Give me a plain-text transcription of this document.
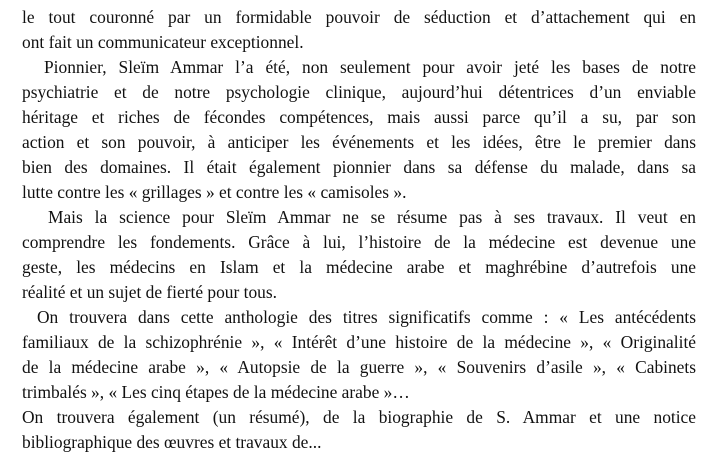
le tout couronné par un formidable pouvoir de séduction et d’attachement qui en
ont fait un communicateur exceptionnel.
Pionnier, Sleïm Ammar l’a été, non seulement pour avoir jeté les bases de notre
psychiatrie et de notre psychologie clinique, aujourd’hui détentrices d’un enviable
héritage et riches de fécondes compétences, mais aussi parce qu’il a su, par son
action et son pouvoir, à anticiper les événements et les idées, être le premier dans
bien des domaines. Il était également pionnier dans sa défense du malade, dans sa
lutte contre les « grillages » et contre les « camisoles ».
Mais la science pour Sleïm Ammar ne se résume pas à ses travaux. Il veut en
comprendre les fondements. Grâce à lui, l’histoire de la médecine est devenue une
geste, les médecins en Islam et la médecine arabe et maghrébine d’autrefois une
réalité et un sujet de fierté pour tous.
On trouvera dans cette anthologie des titres significatifs comme : « Les antécédents
familiaux de la schizophrénie », « Intérêt d’une histoire de la médecine », « Originalité
de la médecine arabe », « Autopsie de la guerre », « Souvenirs d’asile », « Cabinets
trimbalés », « Les cinq étapes de la médecine arabe »…
On trouvera également (un résumé), de la biographie de S. Ammar et une notice
bibliographique des œuvres et travaux de...
